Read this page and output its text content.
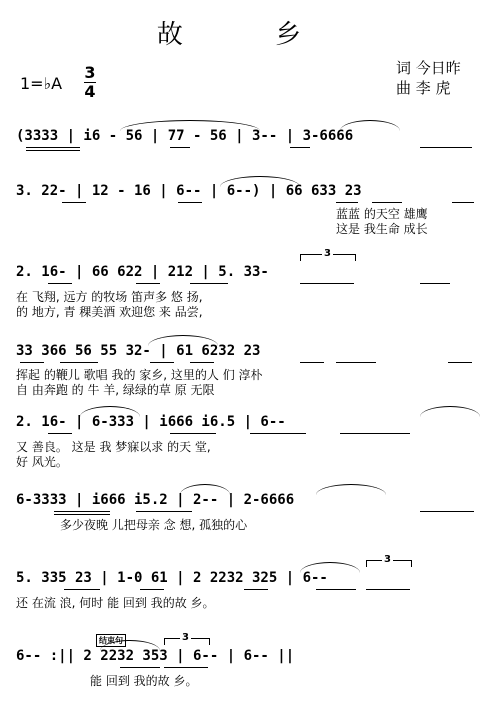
故 乡
词 今日昨
曲 李 虎
1=♭A
3
4
(3333 | i6 - 56 | 77 - 56 | 3-- | 3-6666
3. 22- | 12 - 16 | 6-- | 6--) | 66 633 23
蓝蓝 的天空 雄鹰
这是 我生命 成长
2. 16- | 66 622 | 212 | 5. 33-
在 飞翔, 远方 的牧场 笛声多 悠 扬,
的 地方, 青 稞美酒 欢迎您 来 品尝,
3
33 366 56 55 32- | 61 6232 23
挥起 的鞭儿 歌唱 我的 家乡, 这里的人 们 淳朴
自 由奔跑 的 牛 羊, 绿绿的草 原 无限
2. 16- | 6-333 | i666 i6.5 | 6--
又 善良。 这是 我 梦寐以求 的天 堂,
好 风光。
6-3333 | i666 i5.2 | 2-- | 2-6666
多少夜晚 儿把母亲 念 想, 孤独的心
5. 335 23 | 1-0 61 | 2 2232 325 | 6--
还 在流 浪, 何时 能 回到 我的故 乡。
3
6-- :|| 2 2232 353 | 6-- | 6-- ||
能 回到 我的故 乡。
结束句	3
